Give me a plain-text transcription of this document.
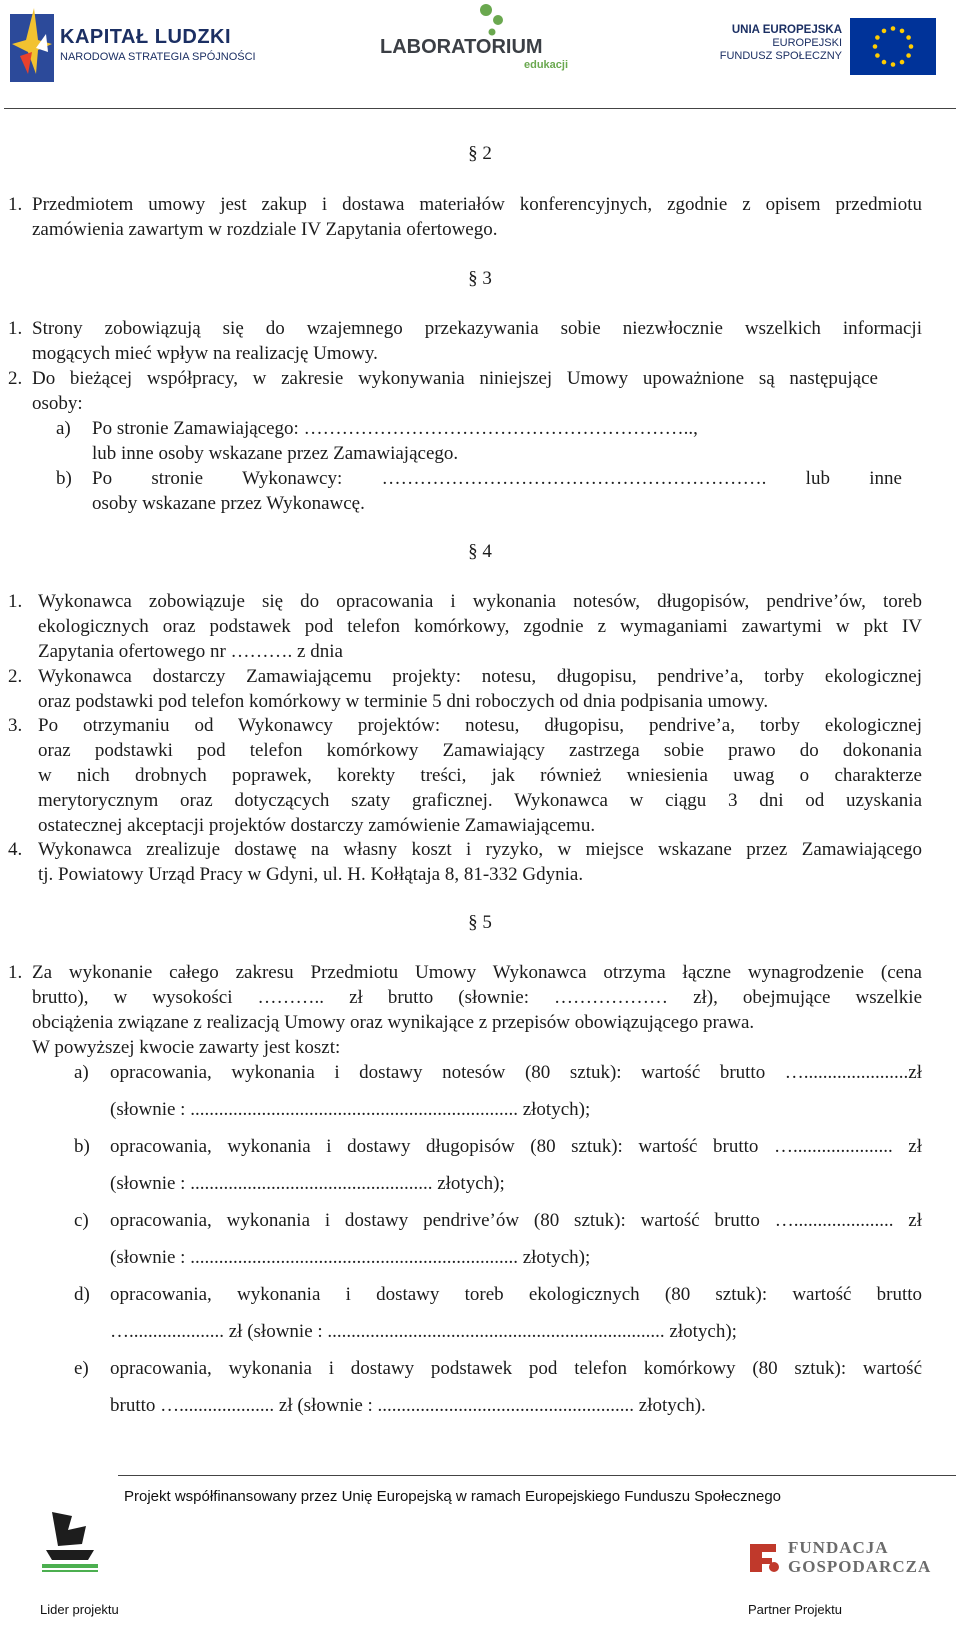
KAPITAŁ LUDZKI
NARODOWA STRATEGIA SPÓJNOŚCI	LABORATORIUM
edukacji
UNIA EUROPEJSKA
EUROPEJSKI
FUNDUSZ SPOŁECZNY
§ 2
1. Przedmiotem umowy jest zakup i dostawa materiałów konferencyjnych, zgodnie z opisem przedmiotu
zamówienia zawartym w rozdziale IV Zapytania ofertowego.
§ 3
1. Strony zobowiązują się do wzajemnego przekazywania sobie niezwłocznie wszelkich informacji
mogących mieć wpływ na realizację Umowy.
2. Do bieżącej współpracy, w zakresie wykonywania niniejszej Umowy upoważnione są następujące
osoby:
a) Po stronie Zamawiającego: ……………………………………………………..,
lub inne osoby wskazane przez Zamawiającego.
b) Po stronie Wykonawcy: ……………………………………………………. lub inne
osoby wskazane przez Wykonawcę.
§ 4
1. Wykonawca zobowiązuje się do opracowania i wykonania notesów, długopisów, pendrive’ów, toreb
ekologicznych oraz podstawek pod telefon komórkowy, zgodnie z wymaganiami zawartymi w pkt IV
Zapytania ofertowego nr ………. z dnia
2. Wykonawca dostarczy Zamawiającemu projekty: notesu, długopisu, pendrive’a, torby ekologicznej
oraz podstawki pod telefon komórkowy w terminie 5 dni roboczych od dnia podpisania umowy.
3. Po otrzymaniu od Wykonawcy projektów: notesu, długopisu, pendrive’a, torby ekologicznej
oraz podstawki pod telefon komórkowy Zamawiający zastrzega sobie prawo do dokonania
w nich drobnych poprawek, korekty treści, jak również wniesienia uwag o charakterze
merytorycznym oraz dotyczących szaty graficznej. Wykonawca w ciągu 3 dni od uzyskania
ostatecznej akceptacji projektów dostarczy zamówienie Zamawiającemu.
4. Wykonawca zrealizuje dostawę na własny koszt i ryzyko, w miejsce wskazane przez Zamawiającego
tj. Powiatowy Urząd Pracy w Gdyni, ul. H. Kołłątaja 8, 81-332 Gdynia.
§ 5
1. Za wykonanie całego zakresu Przedmiotu Umowy Wykonawca otrzyma łączne wynagrodzenie (cena
brutto), w wysokości ……….. zł brutto (słownie: ……………… zł), obejmujące wszelkie
obciążenia związane z realizacją Umowy oraz wynikające z przepisów obowiązującego prawa.
W powyższej kwocie zawarty jest koszt:
a) opracowania, wykonania i dostawy notesów (80 sztuk): wartość brutto …......................zł
(słownie : ..................................................................... złotych);
b) opracowania, wykonania i dostawy długopisów (80 sztuk): wartość brutto …..................... zł
(słownie : ................................................... złotych);
c) opracowania, wykonania i dostawy pendrive’ów (80 sztuk): wartość brutto …..................... zł
(słownie : ..................................................................... złotych);
d) opracowania, wykonania i dostawy toreb ekologicznych (80 sztuk): wartość brutto
….................... zł (słownie : ....................................................................... złotych);
e) opracowania, wykonania i dostawy podstawek pod telefon komórkowy (80 sztuk): wartość
brutto ….................... zł (słownie : ...................................................... złotych).
Projekt współfinansowany przez Unię Europejską w ramach Europejskiego Funduszu Społecznego
Lider projektu
FUNDACJA
GOSPODARCZA
Partner Projektu
